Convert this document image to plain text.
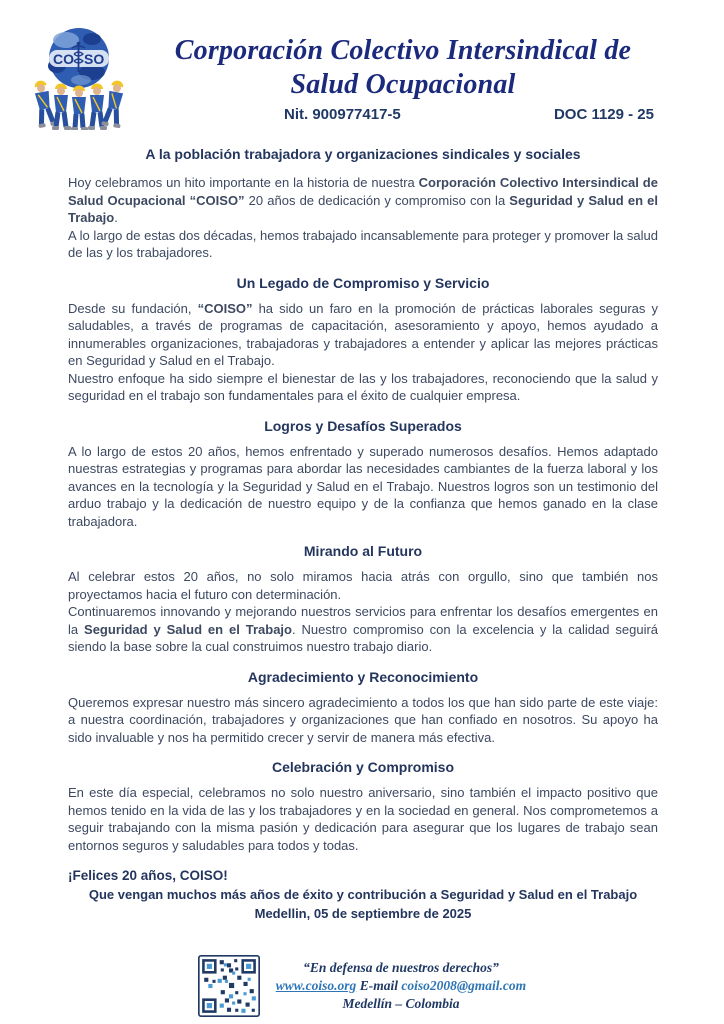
CO SO	Corporación Colectivo Intersindical de
Salud Ocupacional
Nit. 900977417-5	DOC 1129 - 25

A la población trabajadora y organizaciones sindicales y sociales

Hoy celebramos un hito importante en la historia de nuestra Corporación Colectivo Intersindical de Salud Ocupacional “COISO” 20 años de dedicación y compromiso con la Seguridad y Salud en el Trabajo.

A lo largo de estas dos décadas, hemos trabajado incansablemente para proteger y promover la salud de las y los trabajadores.

Un Legado de Compromiso y Servicio

Desde su fundación, “COISO” ha sido un faro en la promoción de prácticas laborales seguras y saludables, a través de programas de capacitación, asesoramiento y apoyo, hemos ayudado a innumerables organizaciones, trabajadoras y trabajadores a entender y aplicar las mejores prácticas en Seguridad y Salud en el Trabajo.

Nuestro enfoque ha sido siempre el bienestar de las y los trabajadores, reconociendo que la salud y seguridad en el trabajo son fundamentales para el éxito de cualquier empresa.

Logros y Desafíos Superados

A lo largo de estos 20 años, hemos enfrentado y superado numerosos desafíos. Hemos adaptado nuestras estrategias y programas para abordar las necesidades cambiantes de la fuerza laboral y los avances en la tecnología y la Seguridad y Salud en el Trabajo. Nuestros logros son un testimonio del arduo trabajo y la dedicación de nuestro equipo y de la confianza que hemos ganado en la clase trabajadora.

Mirando al Futuro

Al celebrar estos 20 años, no solo miramos hacia atrás con orgullo, sino que también nos proyectamos hacia el futuro con determinación.

Continuaremos innovando y mejorando nuestros servicios para enfrentar los desafíos emergentes en la Seguridad y Salud en el Trabajo. Nuestro compromiso con la excelencia y la calidad seguirá siendo la base sobre la cual construimos nuestro trabajo diario.

Agradecimiento y Reconocimiento

Queremos expresar nuestro más sincero agradecimiento a todos los que han sido parte de este viaje: a nuestra coordinación, trabajadores y organizaciones que han confiado en nosotros. Su apoyo ha sido invaluable y nos ha permitido crecer y servir de manera más efectiva.

Celebración y Compromiso

En este día especial, celebramos no solo nuestro aniversario, sino también el impacto positivo que hemos tenido en la vida de las y los trabajadores y en la sociedad en general. Nos comprometemos a seguir trabajando con la misma pasión y dedicación para asegurar que los lugares de trabajo sean entornos seguros y saludables para todos y todas.

¡Felices 20 años, COISO!

Que vengan muchos más años de éxito y contribución a Seguridad y Salud en el Trabajo

Medellin, 05 de septiembre de 2025

“En defensa de nuestros derechos”
www.coiso.org E-mail coiso2008@gmail.com
Medellín – Colombia
